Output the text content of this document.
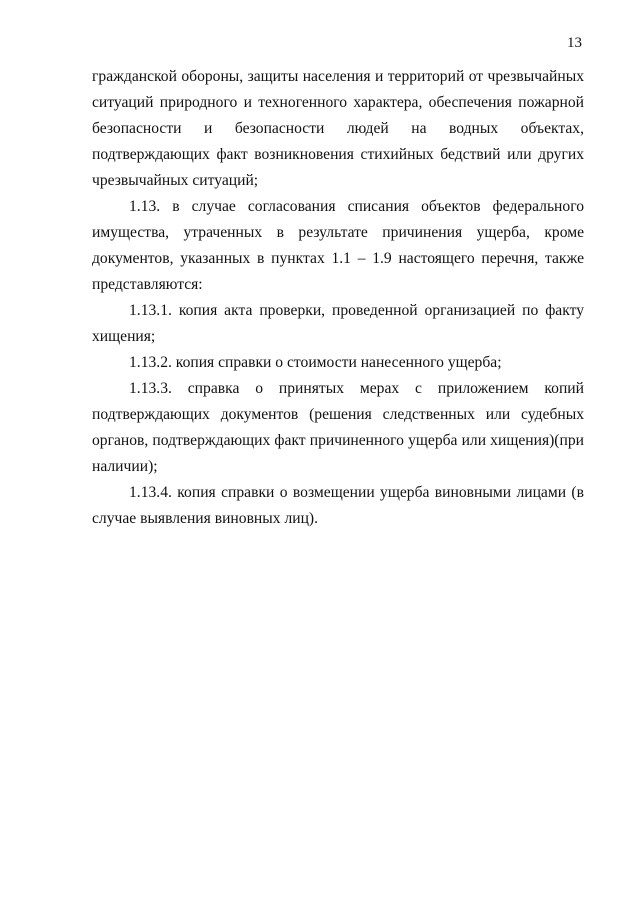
13

гражданской обороны, защиты населения и территорий от чрезвычайных ситуаций природного и техногенного характера, обеспечения пожарной безопасности и безопасности людей на водных объектах, подтверждающих факт возникновения стихийных бедствий или других чрезвычайных ситуаций;

1.13. в случае согласования списания объектов федерального имущества, утраченных в результате причинения ущерба, кроме документов, указанных в пунктах 1.1 – 1.9 настоящего перечня, также представляются:

1.13.1. копия акта проверки, проведенной организацией по факту хищения;

1.13.2. копия справки о стоимости нанесенного ущерба;

1.13.3. справка о принятых мерах с приложением копий подтверждающих документов (решения следственных или судебных органов, подтверждающих факт причиненного ущерба или хищения)(при наличии);

1.13.4. копия справки о возмещении ущерба виновными лицами (в случае выявления виновных лиц).
